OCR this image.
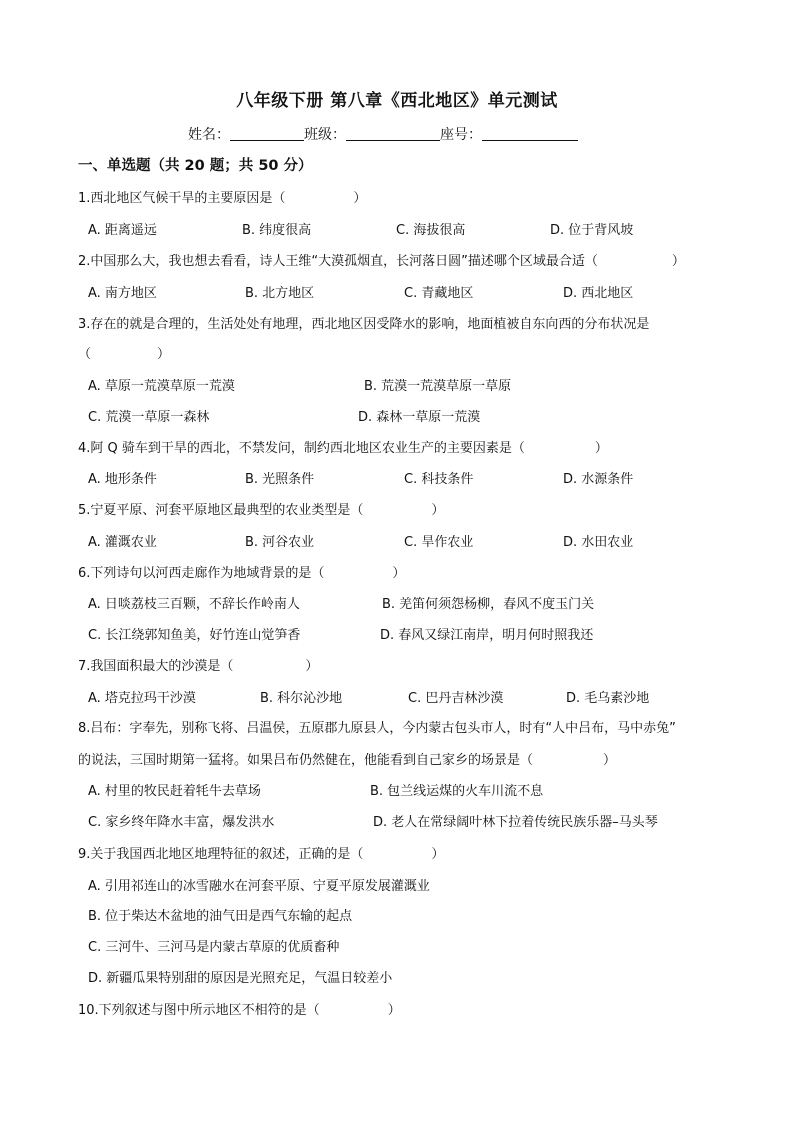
八年级下册 第八章《西北地区》单元测试
姓名：	班级：	座号：
一、单选题（共 20 题；共 50 分）
1.西北地区气候干旱的主要原因是（	）
A. 距离遥远	B. 纬度很高	C. 海拔很高	D. 位于背风坡
2.中国那么大，我也想去看看，诗人王维“大漠孤烟直，长河落日圆”描述哪个区域最合适（	）
A. 南方地区	B. 北方地区	C. 青藏地区	D. 西北地区
3.存在的就是合理的，生活处处有地理，西北地区因受降水的影响，地面植被自东向西的分布状况是
（	）
A. 草原一荒漠草原一荒漠	B. 荒漠一荒漠草原一草原
C. 荒漠一草原一森林	D. 森林一草原一荒漠
4.阿 Q 骑车到干旱的西北，不禁发问，制约西北地区农业生产的主要因素是（	）
A. 地形条件	B. 光照条件	C. 科技条件	D. 水源条件
5.宁夏平原、河套平原地区最典型的农业类型是（	）
A. 灌溉农业	B. 河谷农业	C. 旱作农业	D. 水田农业
6.下列诗句以河西走廊作为地域背景的是（	）
A. 日啖荔枝三百颗，不辞长作岭南人	B. 羌笛何须怨杨柳，春风不度玉门关
C. 长江绕郭知鱼美，好竹连山觉笋香	D. 春风又绿江南岸，明月何时照我还
7.我国面积最大的沙漠是（	）
A. 塔克拉玛干沙漠	B. 科尔沁沙地	C. 巴丹吉林沙漠	D. 毛乌素沙地
8.吕布：字奉先，别称飞将、吕温侯，五原郡九原县人，今内蒙古包头市人，时有“人中吕布，马中赤兔”
的说法，三国时期第一猛将。如果吕布仍然健在，他能看到自己家乡的场景是（	）
A. 村里的牧民赶着牦牛去草场	B. 包兰线运煤的火车川流不息
C. 家乡终年降水丰富，爆发洪水	D. 老人在常绿阔叶林下拉着传统民族乐器–马头琴
9.关于我国西北地区地理特征的叙述，正确的是（	）
A. 引用祁连山的冰雪融水在河套平原、宁夏平原发展灌溉业
B. 位于柴达木盆地的油气田是西气东输的起点
C. 三河牛、三河马是内蒙古草原的优质畜种
D. 新疆瓜果特别甜的原因是光照充足，气温日较差小
10.下列叙述与图中所示地区不相符的是（	）
